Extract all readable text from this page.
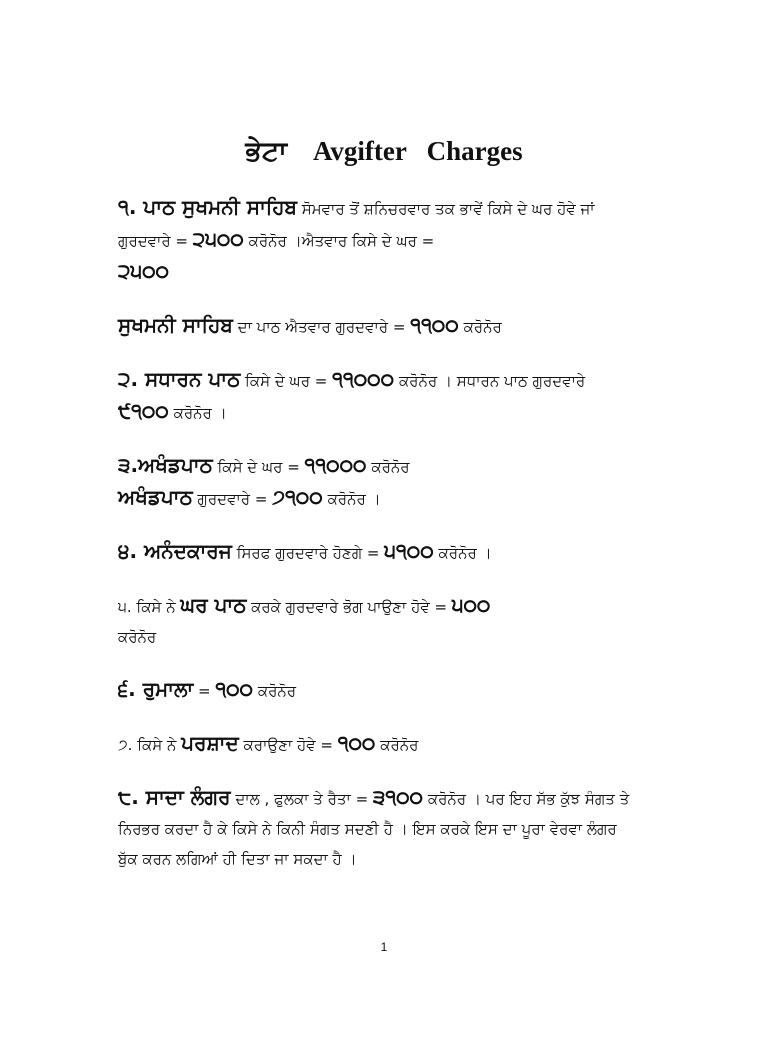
ਭੇਟਾ Avgifter   Charges

੧. ਪਾਠ ਸੁਖਮਨੀ ਸਾਹਿਬ ਸੋਮਵਾਰ ਤੋਂ ਸ਼ਨਿਚਰਵਾਰ ਤਕ ਭਾਵੇਂ ਕਿਸੇ ਦੇ ਘਰ ਹੋਵੇ ਜਾਂ ਗੁਰਦਵਾਰੇ = ੨੫੦੦ ਕਰੋਨੋਰ ।ਐਤਵਾਰ ਕਿਸੇ ਦੇ ਘਰ =
੨੫੦੦

ਸੁਖਮਨੀ ਸਾਹਿਬ ਦਾ ਪਾਠ ਐਤਵਾਰ ਗੁਰਦਵਾਰੇ = ੧੧੦੦ ਕਰੋਨੋਰ

੨. ਸਧਾਰਨ ਪਾਠ ਕਿਸੇ ਦੇ ਘਰ = ੧੧੦੦੦ ਕਰੋਨੋਰ । ਸਧਾਰਨ ਪਾਠ ਗੁਰਦਵਾਰੇ ੯੧੦੦ ਕਰੋਨੋਰ ।

੩.ਅਖੰਡਪਾਠ ਕਿਸੇ ਦੇ ਘਰ = ੧੧੦੦੦ ਕਰੋਨੋਰ
ਅਖੰਡਪਾਠ ਗੁਰਦਵਾਰੇ = ੭੧੦੦ ਕਰੋਨੋਰ ।

੪. ਅਨੰਦਕਾਰਜ ਸਿਰਫ ਗੁਰਦਵਾਰੇ ਹੋਣਗੇ = ੫੧੦੦ ਕਰੋਨੋਰ ।

੫. ਕਿਸੇ ਨੇ ਘਰ ਪਾਠ ਕਰਕੇ ਗੁਰਦਵਾਰੇ ਭੋਗ ਪਾਉਣਾ ਹੋਵੇ = ੫੦੦
ਕਰੋਨੋਰ

੬. ਰੁਮਾਲਾ = ੧੦੦ ਕਰੋਨੋਰ

੭. ਕਿਸੇ ਨੇ ਪਰਸ਼ਾਦ ਕਰਾਉਣਾ ਹੋਵੇ = ੧੦੦ ਕਰੋਨੋਰ

੮. ਸਾਦਾ ਲੰਗਰ ਦਾਲ , ਫੁਲਕਾ ਤੇ ਰੈਤਾ = ੩੧੦੦ ਕਰੋਨੋਰ । ਪਰ ਇਹ ਸੱਭ ਕੁੱਝ ਸੰਗਤ ਤੇ ਨਿਰਭਰ ਕਰਦਾ ਹੈ ਕੇ ਕਿਸੇ ਨੇ ਕਿਨੀ ਸੰਗਤ ਸਦਣੀ ਹੈ । ਇਸ ਕਰਕੇ ਇਸ ਦਾ ਪੂਰਾ ਵੇਰਵਾ ਲੰਗਰ ਬੁੱਕ ਕਰਨ ਲਗਿਆਂ ਹੀ ਦਿਤਾ ਜਾ ਸਕਦਾ ਹੈ ।

1
